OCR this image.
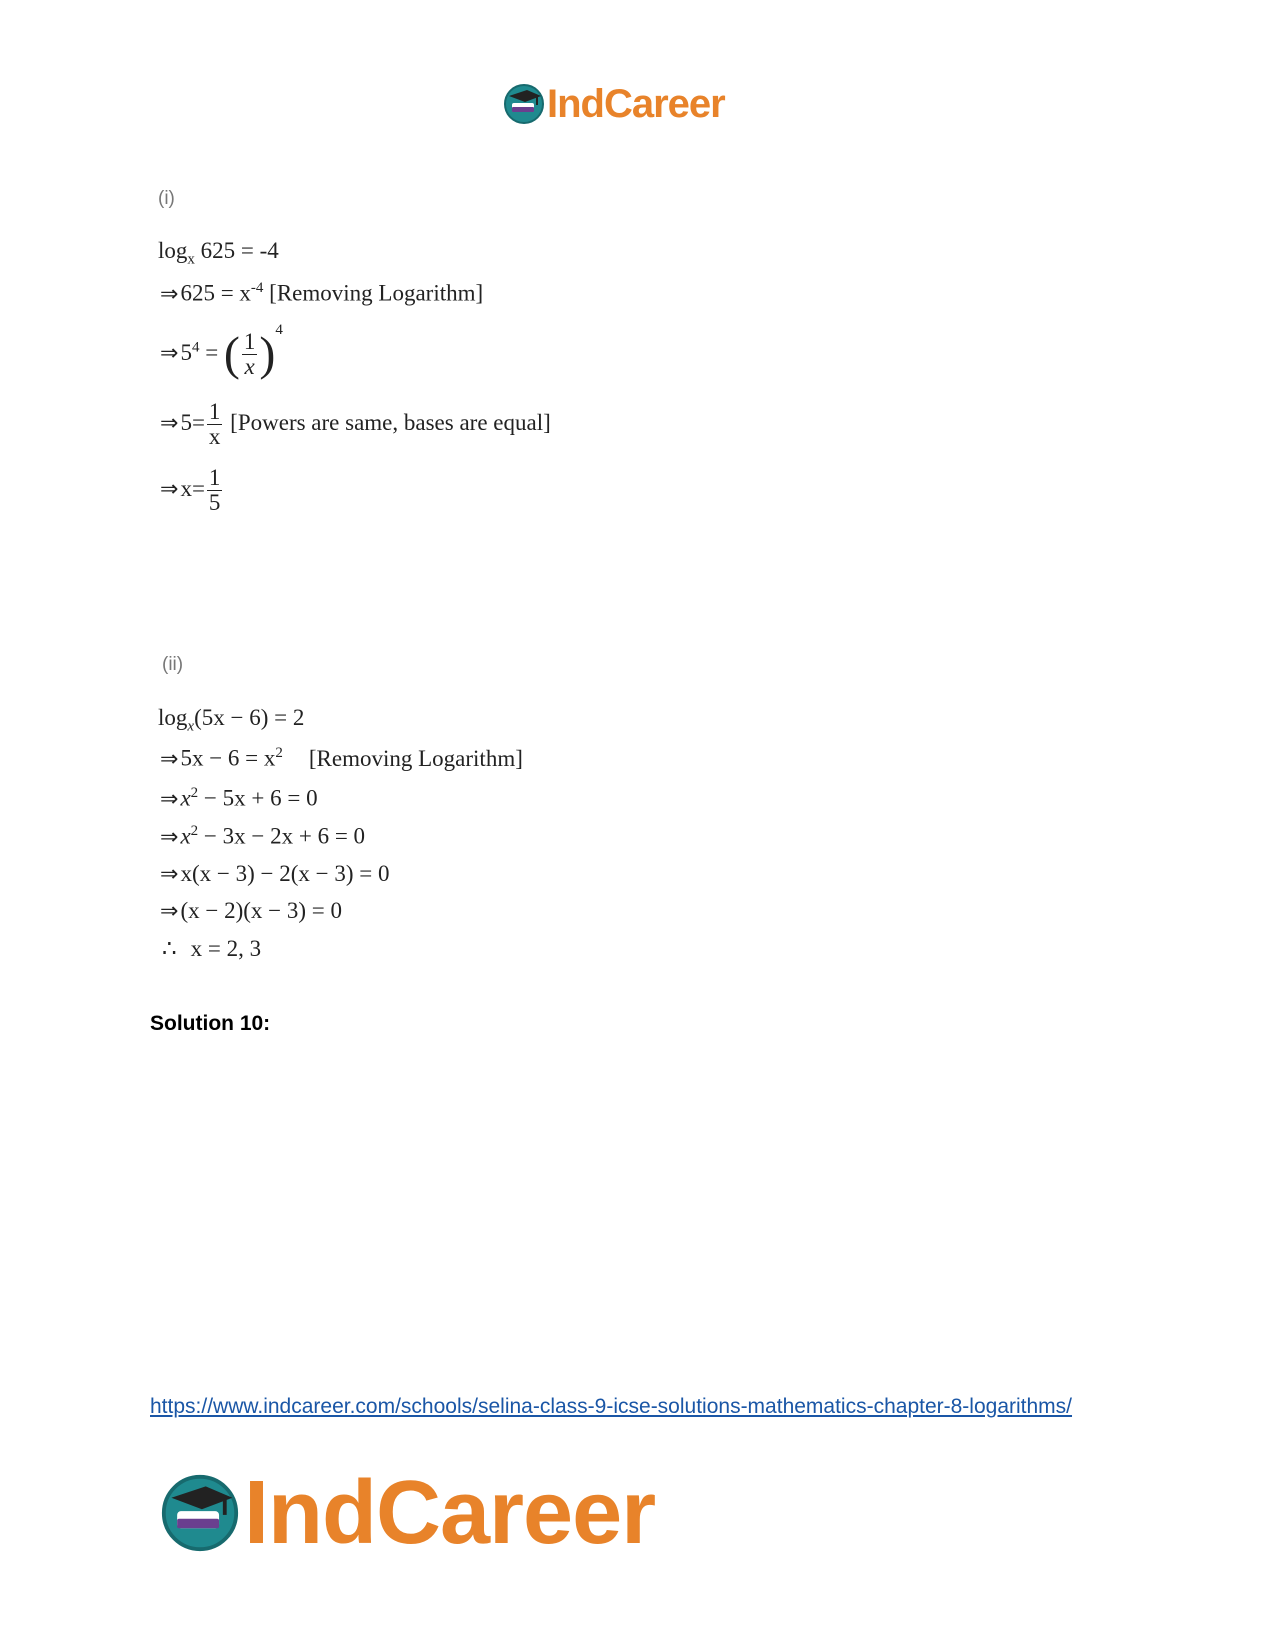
IndCareer
(i)
$\log_x 625 = -4$
⇒625 = $x^{-4}$ [Removing Logarithm]
$\Rightarrow 5^4$ = ( $\frac{1}{x} )^4$
⇒5= $\frac{1}{x}$ [Powers are same, bases are equal]
⇒x= $\frac{1}{5}$
(ii)
$\log_x(5x - 6) = 2$
⇒5x − $6 = x^2$ [Removing Logarithm]
$\Rightarrow x^2 - 5x + 6 = 0$
$\Rightarrow x^2 - 3x - 2x + 6 = 0$
⇒x(x − 3) − 2(x − 3) = 0
⇒(x − 2)(x − 3) = 0
∴ x = 2, 3
Solution 10:
https://www.indcareer.com/schools/selina-class-9-icse-solutions-mathematics-chapter-8-logarithms/
IndCareer
